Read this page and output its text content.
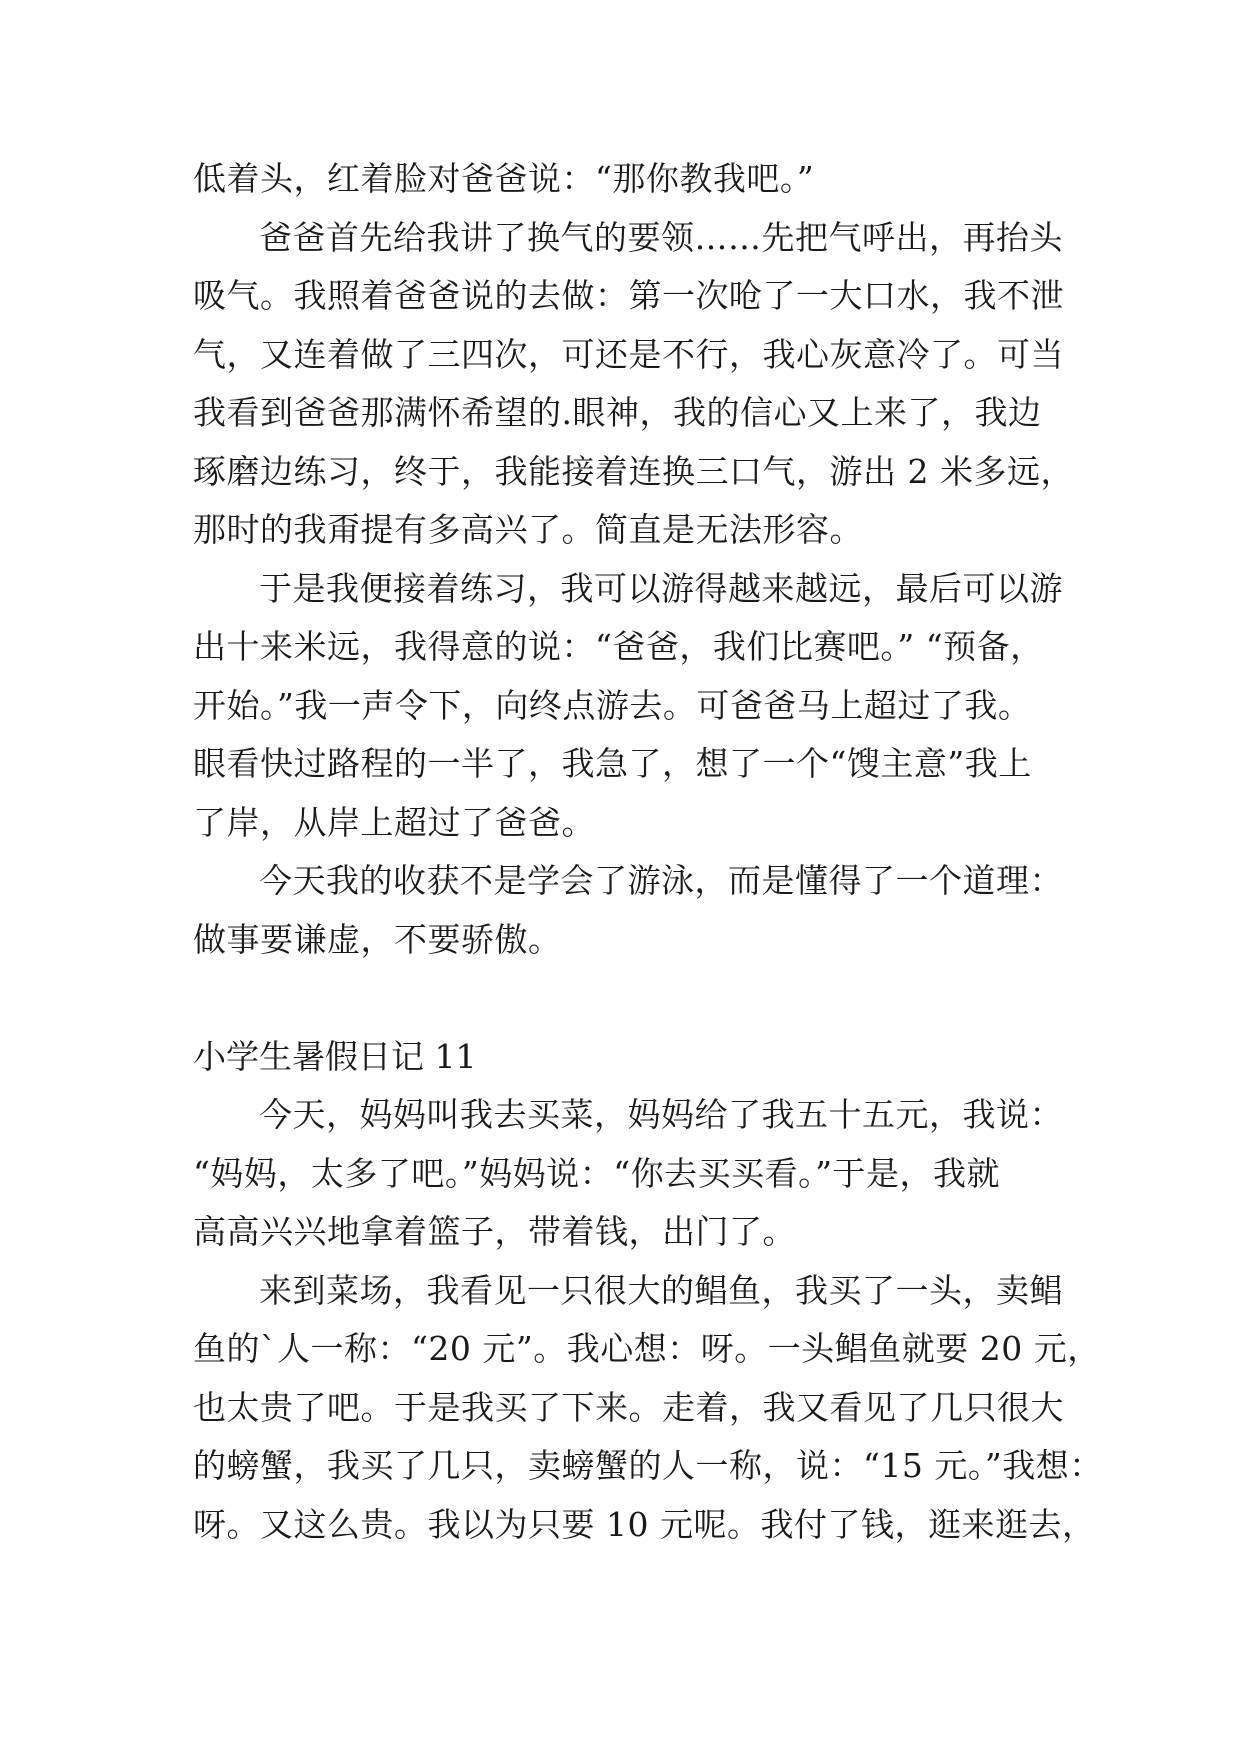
低着头，红着脸对爸爸说：“那你教我吧。”
爸爸首先给我讲了换气的要领……先把气呼出，再抬头
吸气。我照着爸爸说的去做：第一次呛了一大口水，我不泄
气，又连着做了三四次，可还是不行，我心灰意冷了。可当
我看到爸爸那满怀希望的.眼神，我的信心又上来了，我边
琢磨边练习，终于，我能接着连换三口气，游出 2 米多远，
那时的我甭提有多高兴了。简直是无法形容。
于是我便接着练习，我可以游得越来越远，最后可以游
出十来米远，我得意的说：“爸爸，我们比赛吧。” “预备，
开始。”我一声令下，向终点游去。可爸爸马上超过了我。
眼看快过路程的一半了，我急了，想了一个“馊主意”我上
了岸，从岸上超过了爸爸。
今天我的收获不是学会了游泳，而是懂得了一个道理：
做事要谦虚，不要骄傲。
小学生暑假日记 11
今天，妈妈叫我去买菜，妈妈给了我五十五元，我说：
“妈妈，太多了吧。”妈妈说：“你去买买看。”于是，我就
高高兴兴地拿着篮子，带着钱，出门了。
来到菜场，我看见一只很大的鲳鱼，我买了一头，卖鲳
鱼的`人一称：“20 元”。我心想：呀。一头鲳鱼就要 20 元，
也太贵了吧。于是我买了下来。走着，我又看见了几只很大
的螃蟹，我买了几只，卖螃蟹的人一称，说：“15 元。”我想：
呀。又这么贵。我以为只要 10 元呢。我付了钱，逛来逛去，
